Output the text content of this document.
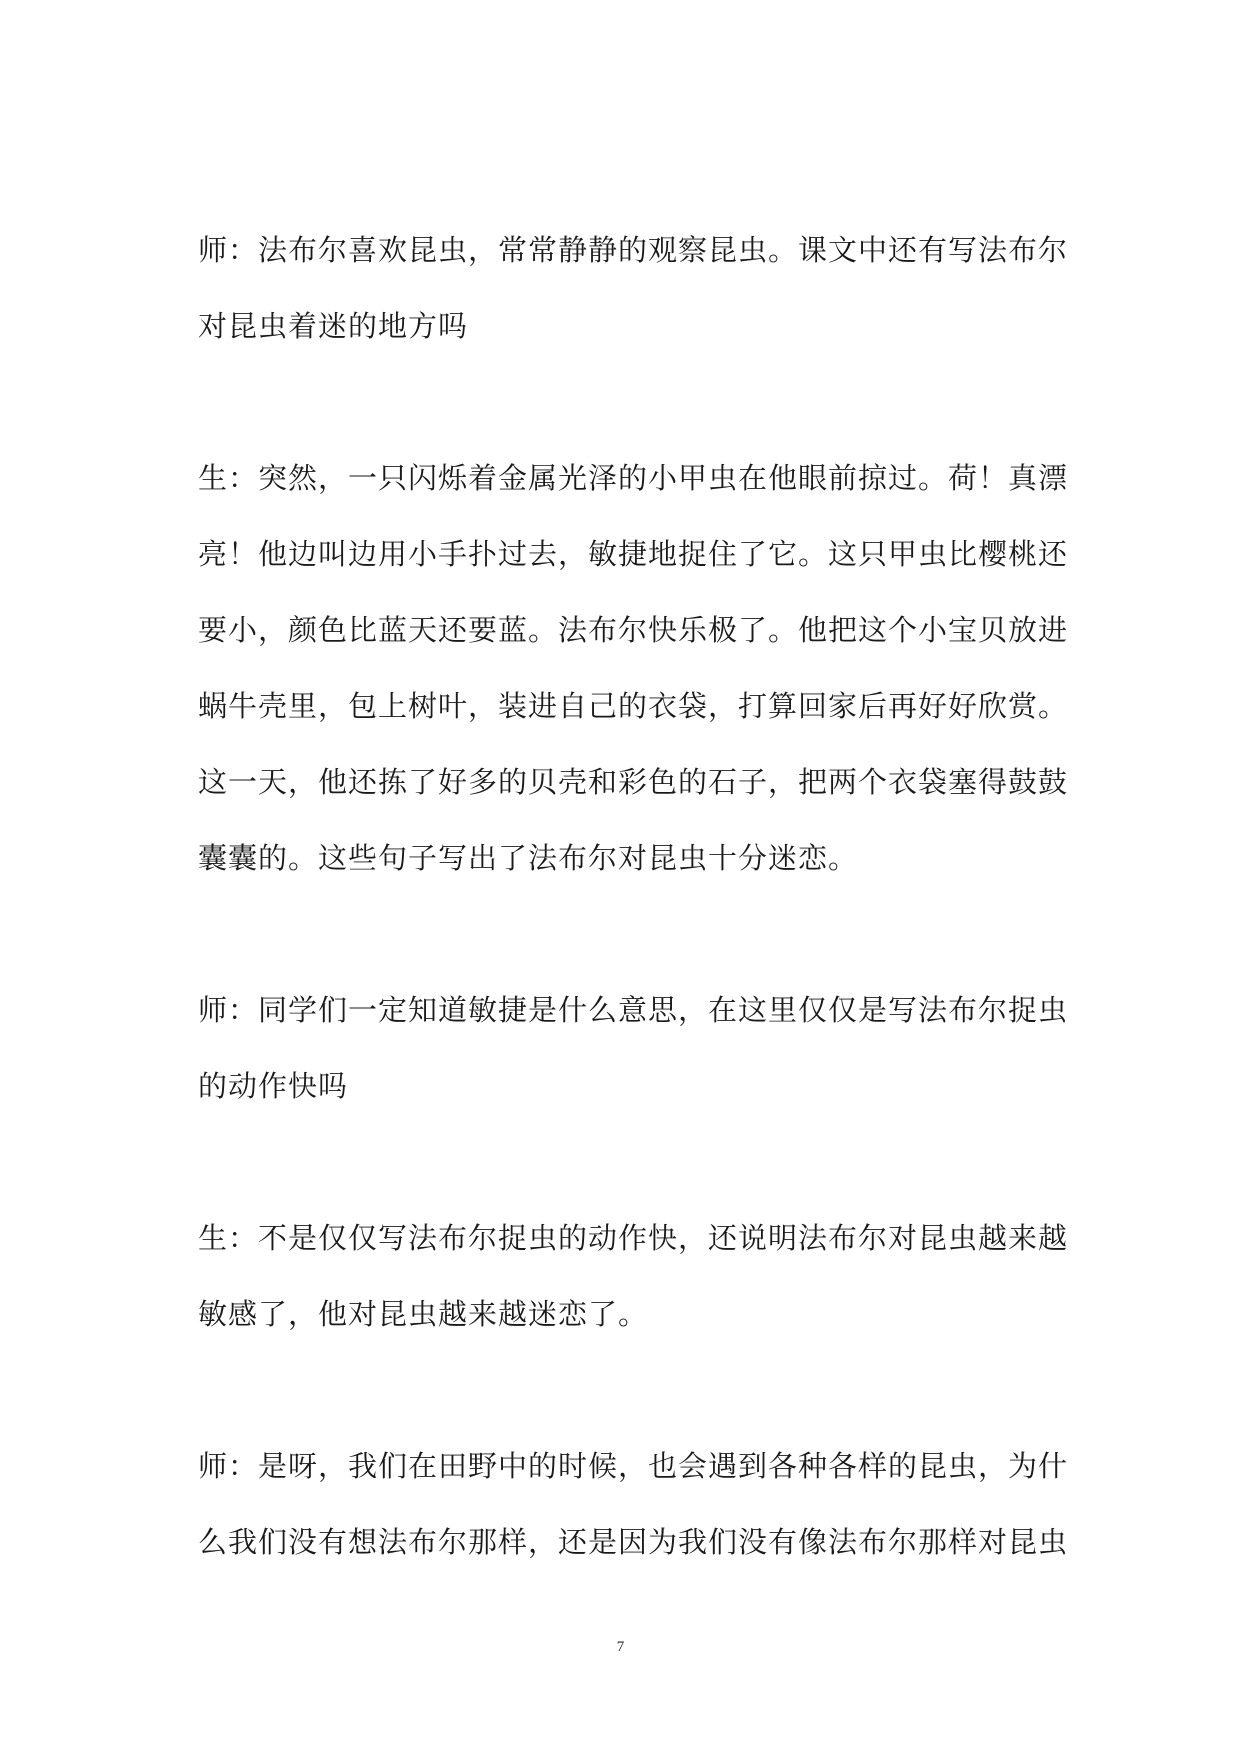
师：法布尔喜欢昆虫，常常静静的观察昆虫。课文中还有写法布尔
对昆虫着迷的地方吗

生：突然，一只闪烁着金属光泽的小甲虫在他眼前掠过。荷！真漂
亮！他边叫边用小手扑过去，敏捷地捉住了它。这只甲虫比樱桃还
要小，颜色比蓝天还要蓝。法布尔快乐极了。他把这个小宝贝放进
蜗牛壳里，包上树叶，装进自己的衣袋，打算回家后再好好欣赏。
这一天，他还拣了好多的贝壳和彩色的石子，把两个衣袋塞得鼓鼓
囊囊的。这些句子写出了法布尔对昆虫十分迷恋。

师：同学们一定知道敏捷是什么意思，在这里仅仅是写法布尔捉虫
的动作快吗

生：不是仅仅写法布尔捉虫的动作快，还说明法布尔对昆虫越来越
敏感了，他对昆虫越来越迷恋了。

师：是呀，我们在田野中的时候，也会遇到各种各样的昆虫，为什
么我们没有想法布尔那样，还是因为我们没有像法布尔那样对昆虫

7
